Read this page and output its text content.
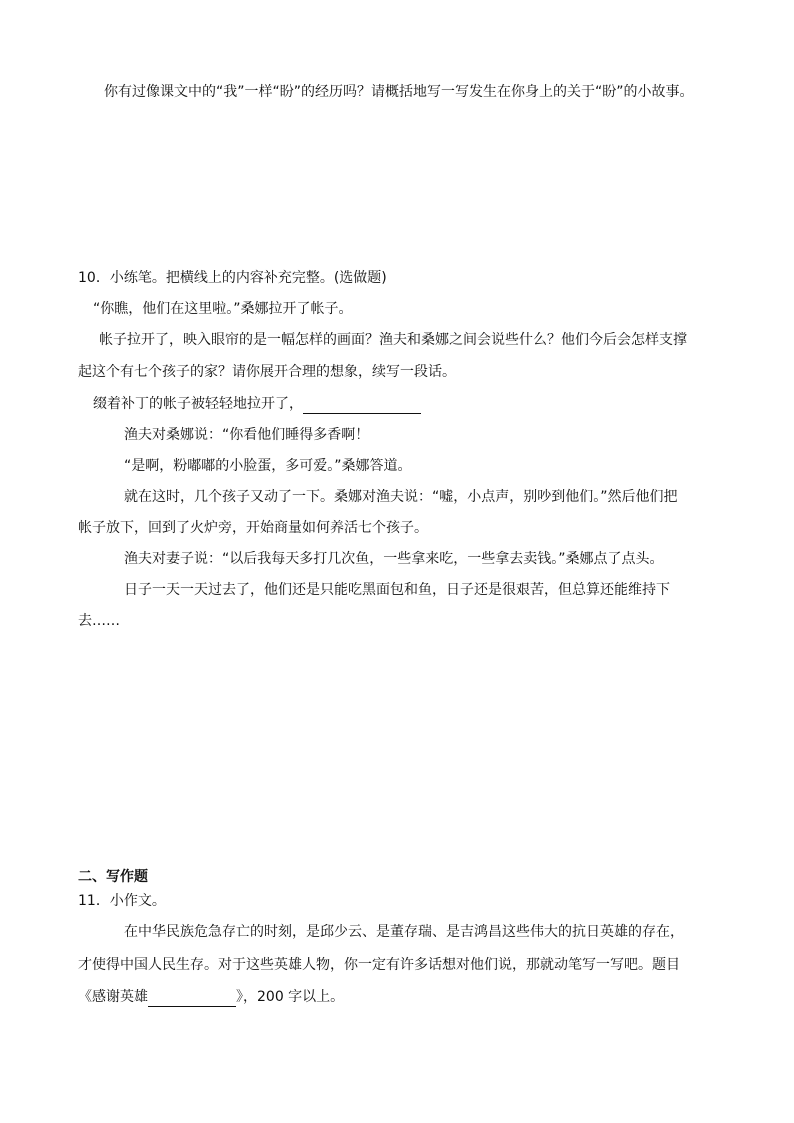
你有过像课文中的“我”一样“盼”的经历吗？请概括地写一写发生在你身上的关于“盼”的小故事。
10．小练笔。把横线上的内容补充完整。(选做题)
“你瞧，他们在这里啦。”桑娜拉开了帐子。
帐子拉开了，映入眼帘的是一幅怎样的画面？渔夫和桑娜之间会说些什么？他们今后会怎样支撑
起这个有七个孩子的家？请你展开合理的想象，续写一段话。
缀着补丁的帐子被轻轻地拉开了，
渔夫对桑娜说：“你看他们睡得多香啊！
“是啊，粉嘟嘟的小脸蛋，多可爱。”桑娜答道。
就在这时，几个孩子又动了一下。桑娜对渔夫说：“嘘，小点声，别吵到他们。”然后他们把
帐子放下，回到了火炉旁，开始商量如何养活七个孩子。
渔夫对妻子说：“以后我每天多打几次鱼，一些拿来吃，一些拿去卖钱。”桑娜点了点头。
日子一天一天过去了，他们还是只能吃黑面包和鱼，日子还是很艰苦，但总算还能维持下
去……
二、写作题
11．小作文。
在中华民族危急存亡的时刻，是邱少云、是董存瑞、是吉鸿昌这些伟大的抗日英雄的存在，
才使得中国人民生存。对于这些英雄人物，你一定有许多话想对他们说，那就动笔写一写吧。题目
《感谢英雄	》，200 字以上。
